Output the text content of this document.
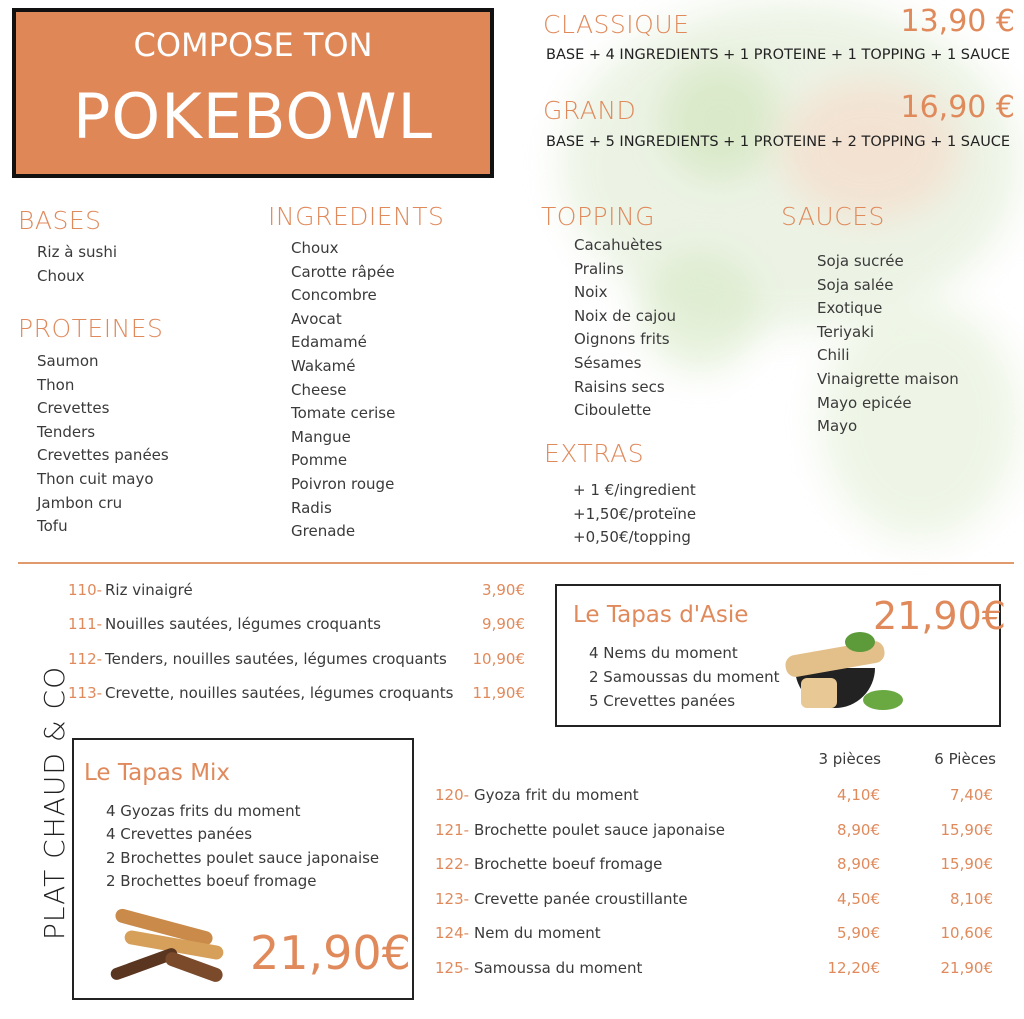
COMPOSE TON
POKEBOWL
CLASSIQUE	13,90 €
BASE + 4 INGREDIENTS + 1 PROTEINE + 1 TOPPING + 1 SAUCE
GRAND	16,90 €
BASE + 5 INGREDIENTS + 1 PROTEINE + 2 TOPPING + 1 SAUCE
BASES
Riz à sushi
Choux
PROTEINES
Saumon
Thon
Crevettes
Tenders
Crevettes panées
Thon cuit mayo
Jambon cru
Tofu
INGREDIENTS
Choux
Carotte râpée
Concombre
Avocat
Edamamé
Wakamé
Cheese
Tomate cerise
Mangue
Pomme
Poivron rouge
Radis
Grenade
TOPPING
Cacahuètes
Pralins
Noix
Noix de cajou
Oignons frits
Sésames
Raisins secs
Ciboulette
SAUCES
Soja sucrée
Soja salée
Exotique
Teriyaki
Chili
Vinaigrette maison
Mayo epicée
Mayo
EXTRAS
+ 1 €/ingredient
+1,50€/proteïne
+0,50€/topping
PLAT CHAUD & CO
110- Riz vinaigré	3,90€
111- Nouilles sautées, légumes croquants	9,90€
112- Tenders, nouilles sautées, légumes croquants 10,90€
113- Crevette, nouilles sautées, légumes croquants 11,90€
Le Tapas d'Asie	21,90€
4 Nems du moment
2 Samoussas du moment
5 Crevettes panées
Le Tapas Mix
4 Gyozas frits du moment
4 Crevettes panées
2 Brochettes poulet sauce japonaise
2 Brochettes boeuf fromage
21,90€
3 pièces	6 Pièces
120- Gyoza frit du moment	4,10€	7,40€
121- Brochette poulet sauce japonaise	8,90€	15,90€
122- Brochette boeuf fromage	8,90€	15,90€
123- Crevette panée croustillante	4,50€	8,10€
124- Nem du moment	5,90€	10,60€
125- Samoussa du moment	12,20€	21,90€
